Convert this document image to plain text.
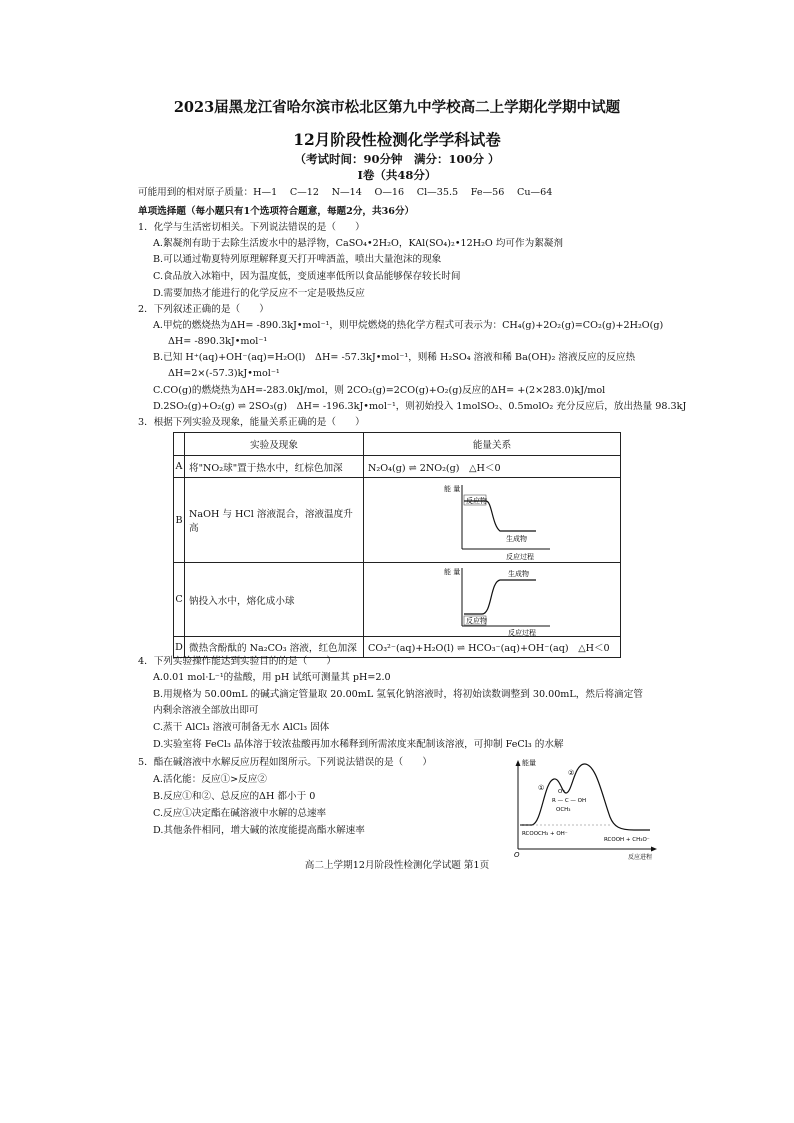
2023届黑龙江省哈尔滨市松北区第九中学校高二上学期化学期中试题
12月阶段性检测化学学科试卷
（考试时间：90分钟　满分：100分 ）
I卷（共48分）
可能用到的相对原子质量：H—1　 C—12　 N—14　 O—16　 Cl—35.5　 Fe—56　 Cu—64
单项选择题（每小题只有1个选项符合题意，每题2分，共36分）
1．化学与生活密切相关。下列说法错误的是（　　）
A.絮凝剂有助于去除生活废水中的悬浮物，CaSO₄•2H₂O，KAl(SO₄)₂•12H₂O 均可作为絮凝剂
B.可以通过勒夏特列原理解释夏天打开啤酒盖，喷出大量泡沫的现象
C.食品放入冰箱中，因为温度低，变质速率低所以食品能够保存较长时间
D.需要加热才能进行的化学反应不一定是吸热反应
2．下列叙述正确的是（　　）
A.甲烷的燃烧热为ΔH= -890.3kJ•mol⁻¹，则甲烷燃烧的热化学方程式可表示为：CH₄(g)+2O₂(g)=CO₂(g)+2H₂O(g)
ΔH= -890.3kJ•mol⁻¹
B.已知 H⁺(aq)+OH⁻(aq)=H₂O(l)　ΔH= -57.3kJ•mol⁻¹，则稀 H₂SO₄ 溶液和稀 Ba(OH)₂ 溶液反应的反应热
ΔH=2×(-57.3)kJ•mol⁻¹
C.CO(g)的燃烧热为ΔH=-283.0kJ/mol，则 2CO₂(g)=2CO(g)+O₂(g)反应的ΔH= +(2×283.0)kJ/mol
D.2SO₂(g)+O₂(g) ⇌ 2SO₃(g)　ΔH= -196.3kJ•mol⁻¹，则初始投入 1molSO₂、0.5molO₂ 充分反应后，放出热量 98.3kJ
3．根据下列实验及现象，能量关系正确的是（　　）
	实验及现象	能量关系
A	将"NO₂球"置于热水中，红棕色加深	N₂O₄(g) ⇌ 2NO₂(g)　△H＜0
B	NaOH 与 HCl 溶液混合，溶液温度升高	能 量
反应物
生成物
反应过程

C	钠投入水中，熔化成小球	能 量 生成物
反应物
反应过程

D	微热含酚酞的 Na₂CO₃ 溶液，红色加深	CO₃²⁻(aq)+H₂O(l) ⇌ HCO₃⁻(aq)+OH⁻(aq)　△H＜0
4．下列实验操作能达到实验目的的是（　　）
A.0.01 mol·L⁻¹的盐酸，用 pH 试纸可测量其 pH=2.0
B.用规格为 50.00mL 的碱式滴定管量取 20.00mL 氢氧化钠溶液时，将初始读数调整到 30.00mL，然后将滴定管
内剩余溶液全部放出即可
C.蒸干 AlCl₃ 溶液可制备无水 AlCl₃ 固体
D.实验室将 FeCl₃ 晶体溶于较浓盐酸再加水稀释到所需浓度来配制该溶液，可抑制 FeCl₃ 的水解
5．酯在碱溶液中水解反应历程如图所示。下列说法错误的是（　　）
A.活化能：反应①>反应②
B.反应①和②、总反应的ΔH 都小于 0
C.反应①决定酯在碱溶液中水解的总速率
D.其他条件相同，增大碱的浓度能提高酯水解速率
能量
O
①
②
O⁻
R — C — OH
OCH₃
RCOOCH₃ + OH⁻
RCOOH + CH₃O⁻
反应进程
高二上学期12月阶段性检测化学试题 第1页
